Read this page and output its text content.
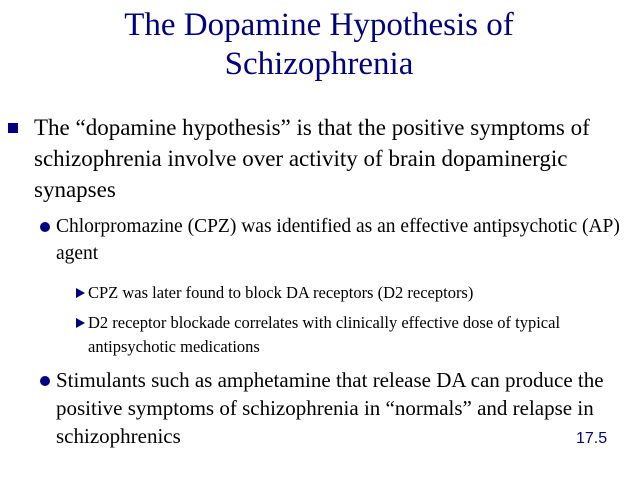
The Dopamine Hypothesis of
Schizophrenia
The “dopamine hypothesis” is that the positive symptoms of schizophrenia involve over activity of brain dopaminergic synapses
Chlorpromazine (CPZ) was identified as an effective antipsychotic (AP) agent
CPZ was later found to block DA receptors (D2 receptors)
D2 receptor blockade correlates with clinically effective dose of typical antipsychotic medications
Stimulants such as amphetamine that release DA can produce the positive symptoms of schizophrenia in “normals” and relapse in schizophrenics	17.5
